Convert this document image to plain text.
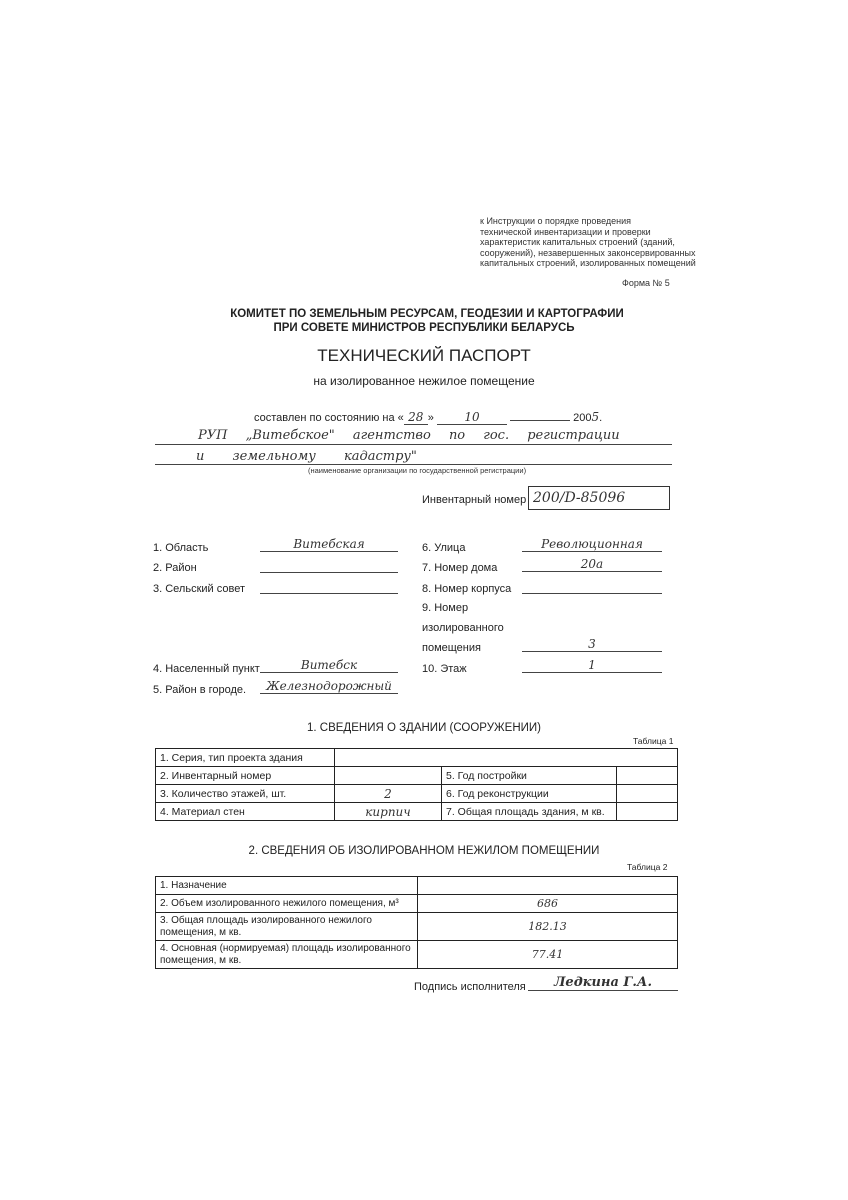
к Инструкции о порядке проведения
технической инвентаризации и проверки
характеристик капитальных строений (зданий,
сооружений), незавершенных законсервированных
капитальных строений, изолированных помещений
Форма № 5
КОМИТЕТ ПО ЗЕМЕЛЬНЫМ РЕСУРСАМ, ГЕОДЕЗИИ И КАРТОГРАФИИ
ПРИ СОВЕТЕ МИНИСТРОВ РЕСПУБЛИКИ БЕЛАРУСЬ
ТЕХНИЧЕСКИЙ ПАСПОРТ
на изолированное нежилое помещение
составлен по состоянию на « 28 »	10	2005.
РУП „Витебское" агентство по гос. регистрации
и земельному кадастру"
(наименование организации по государственной регистрации)
Инвентарный номер 200/D-85096
1. Область	Витебская
2. Район
3. Сельский совет
4. Населенный пункт	Витебск
5. Район в городе.	Железнодорожный
6. Улица	Революционная
7. Номер дома	20а
8. Номер корпуса
9. Номер
изолированного
помещения	3
10. Этаж	1
1. СВЕДЕНИЯ О ЗДАНИИ (СООРУЖЕНИИ)
Таблица 1
1. Серия, тип проекта здания			
2. Инвентарный номер		5. Год постройки	
3. Количество этажей, шт.	2	6. Год реконструкции	
4. Материал стен	кирпич	7. Общая площадь здания, м кв.	
2. СВЕДЕНИЯ ОБ ИЗОЛИРОВАННОМ НЕЖИЛОМ ПОМЕЩЕНИИ
Таблица 2
1. Назначение	
2. Объем изолированного нежилого помещения, м³	686
3. Общая площадь изолированного нежилого помещения, м кв.	182.13
4. Основная (нормируемая) площадь изолированного помещения, м кв.	77.41
Подпись исполнителя	Ледкина Г.А.
